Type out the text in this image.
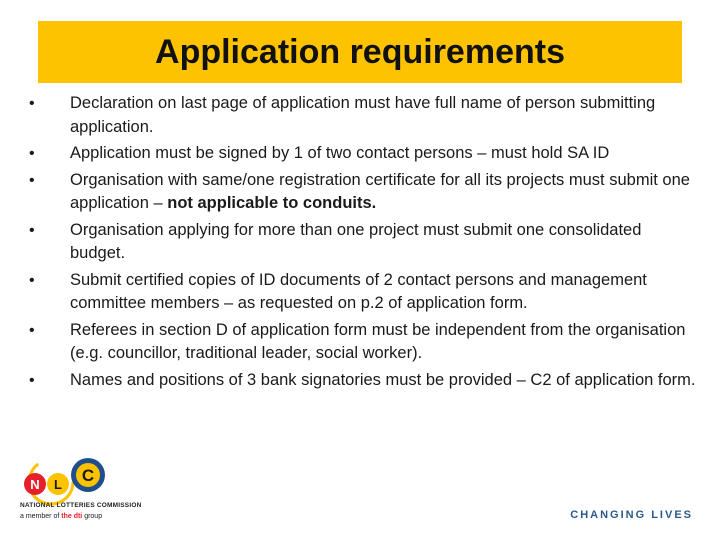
Application requirements
• Declaration on last page of application must have full name of person submitting application.
• Application must be signed by 1 of two contact persons – must hold SA ID
• Organisation with same/one registration certificate for all its projects must submit one application – not applicable to conduits.
• Organisation applying for more than one project must submit one consolidated budget.
• Submit certified copies of ID documents of 2 contact persons and management committee members – as requested on p.2 of application form.
• Referees in section D of application form must be independent from the organisation (e.g. councillor, traditional leader, social worker).
• Names and positions of 3 bank signatories must be provided – C2 of application form.
N L C
NATIONAL LOTTERIES COMMISSION
a member of the dti group	CHANGING LIVES
